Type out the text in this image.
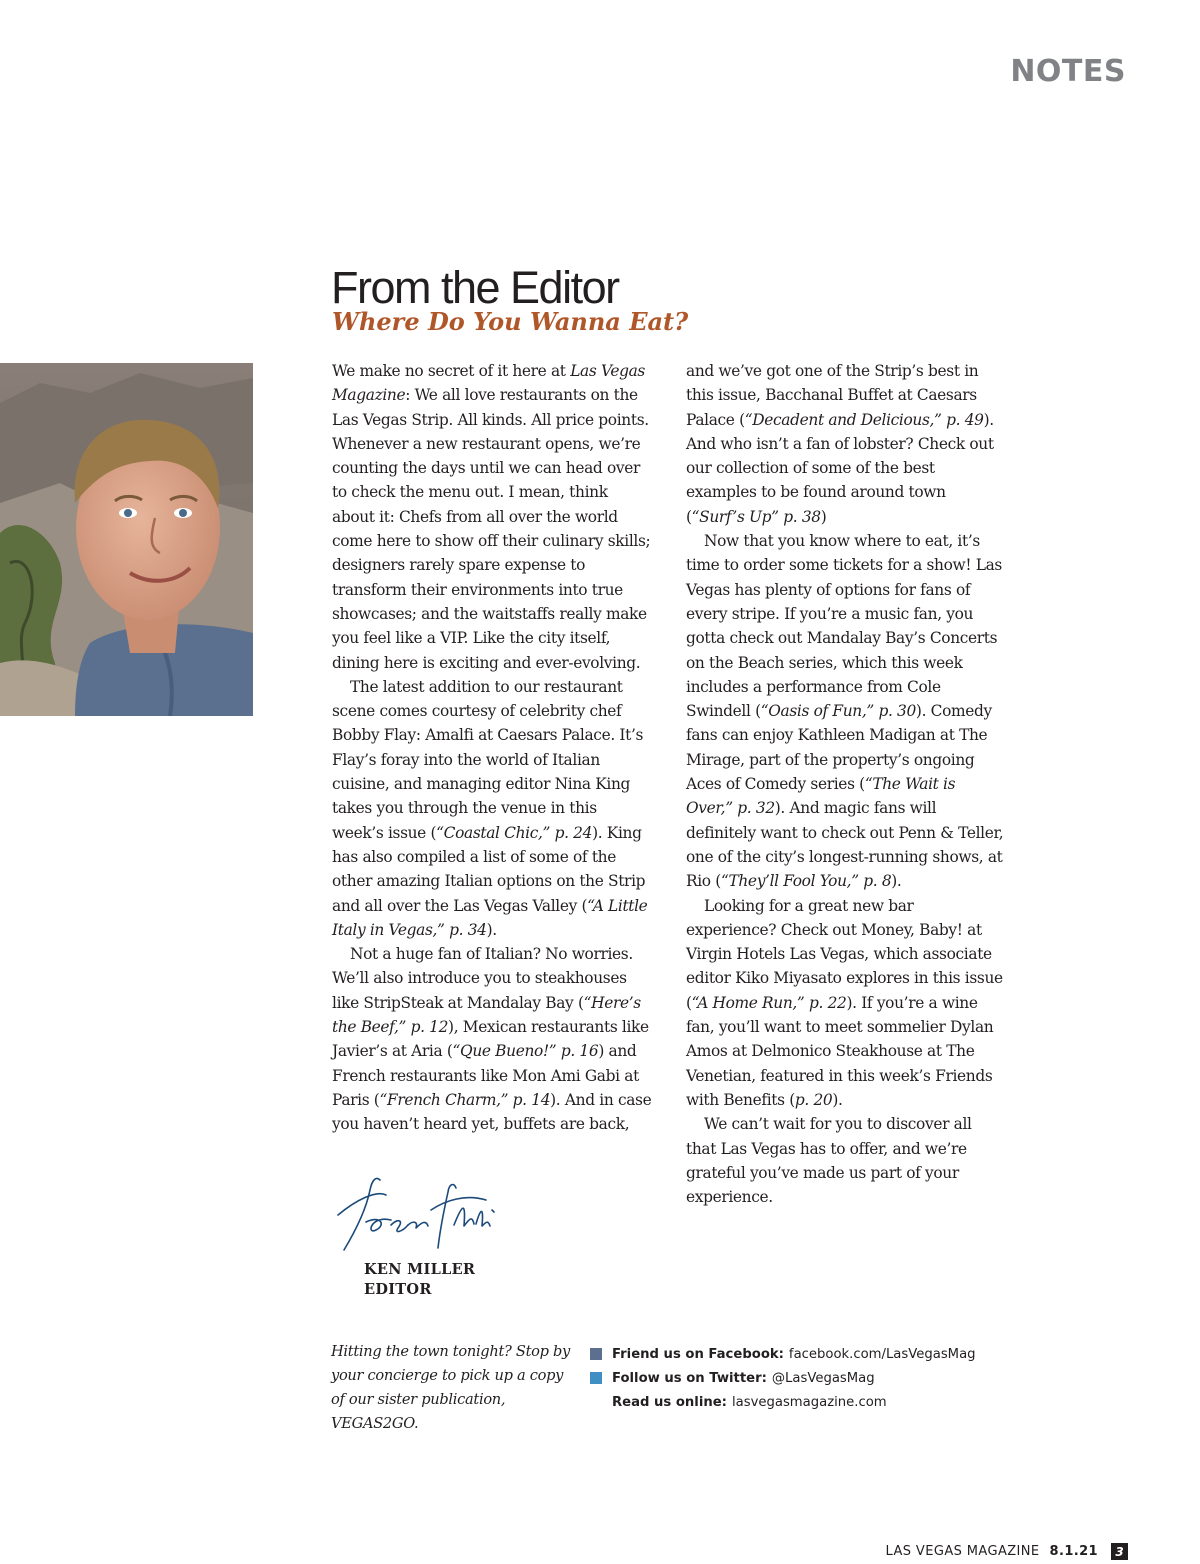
NOTES
From the Editor
Where Do You Wanna Eat?

We make no secret of it here at Las Vegas Magazine: We all love restaurants on the Las Vegas Strip. All kinds. All price points. Whenever a new restaurant opens, we’re counting the days until we can head over to check the menu out. I mean, think about it: Chefs from all over the world come here to show off their culinary skills; designers rarely spare expense to transform their environments into true showcases; and the waitstaffs really make you feel like a VIP. Like the city itself, dining here is exciting and ever-evolving.

The latest addition to our restaurant scene comes courtesy of celebrity chef Bobby Flay: Amalfi at Caesars Palace. It’s Flay’s foray into the world of Italian cuisine, and managing editor Nina King takes you through the venue in this week’s issue (“Coastal Chic,” p. 24). King has also compiled a list of some of the other amazing Italian options on the Strip and all over the Las Vegas Valley (“A Little Italy in Vegas,” p. 34).

Not a huge fan of Italian? No worries. We’ll also introduce you to steakhouses like StripSteak at Mandalay Bay (“Here’s the Beef,” p. 12), Mexican restaurants like Javier’s at Aria (“Que Bueno!” p. 16) and French restaurants like Mon Ami Gabi at Paris (“French Charm,” p. 14). And in case you haven’t heard yet, buffets are back,

and we’ve got one of the Strip’s best in this issue, Bacchanal Buffet at Caesars Palace (“Decadent and Delicious,” p. 49). And who isn’t a fan of lobster? Check out our collection of some of the best examples to be found around town (“Surf’s Up” p. 38)

Now that you know where to eat, it’s time to order some tickets for a show! Las Vegas has plenty of options for fans of every stripe. If you’re a music fan, you gotta check out Mandalay Bay’s Concerts on the Beach series, which this week includes a performance from Cole Swindell (“Oasis of Fun,” p. 30). Comedy fans can enjoy Kathleen Madigan at The Mirage, part of the property’s ongoing Aces of Comedy series (“The Wait is Over,” p. 32). And magic fans will definitely want to check out Penn & Teller, one of the city’s longest-running shows, at Rio (“They’ll Fool You,” p. 8).

Looking for a great new bar experience? Check out Money, Baby! at Virgin Hotels Las Vegas, which associate editor Kiko Miyasato explores in this issue (“A Home Run,” p. 22). If you’re a wine fan, you’ll want to meet sommelier Dylan Amos at Delmonico Steakhouse at The Venetian, featured in this week’s Friends with Benefits (p. 20).

We can’t wait for you to discover all that Las Vegas has to offer, and we’re grateful you’ve made us part of your experience.

KEN MILLER
EDITOR

Hitting the town tonight? Stop by your concierge to pick up a copy of our sister publication, VEGAS2GO.

Friend us on Facebook: facebook.com/LasVegasMag
Follow us on Twitter: @LasVegasMag
Read us online: lasvegasmagazine.com
LAS VEGAS MAGAZINE 8.1.21	3
